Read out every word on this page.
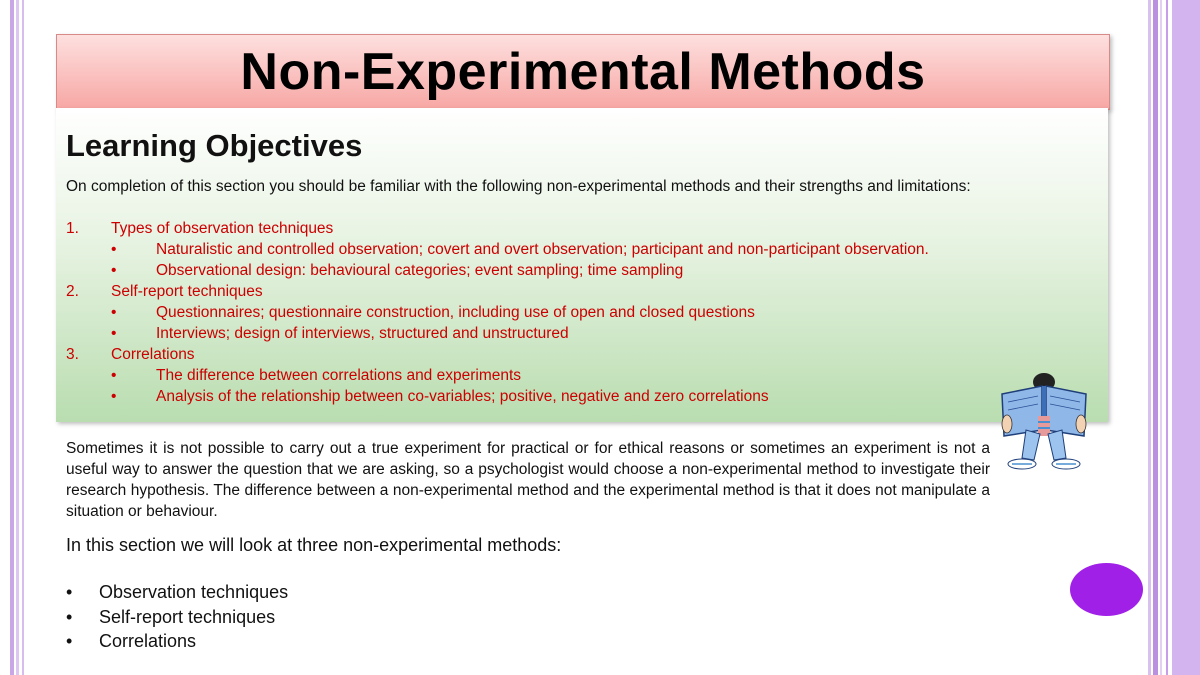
Non-Experimental Methods
Learning Objectives

On completion of this section you should be familiar with the following non-experimental methods and their strengths and limitations:

1. Types of observation techniques
•	Naturalistic and controlled observation; covert and overt observation; participant and non-participant observation.
•	Observational design: behavioural categories; event sampling; time sampling
2. Self-report techniques
•	Questionnaires; questionnaire construction, including use of open and closed questions
•	Interviews; design of interviews, structured and unstructured
3. Correlations
•	The difference between correlations and experiments
•	Analysis of the relationship between co-variables; positive, negative and zero correlations

Sometimes it is not possible to carry out a true experiment for practical or for ethical reasons or sometimes an experiment is not a useful way to answer the question that we are asking, so a psychologist would choose a non-experimental method to investigate their research hypothesis. The difference between a non-experimental method and the experimental method is that it does not manipulate a situation or behaviour.

In this section we will look at three non-experimental methods:

• Observation techniques
• Self-report techniques
• Correlations
